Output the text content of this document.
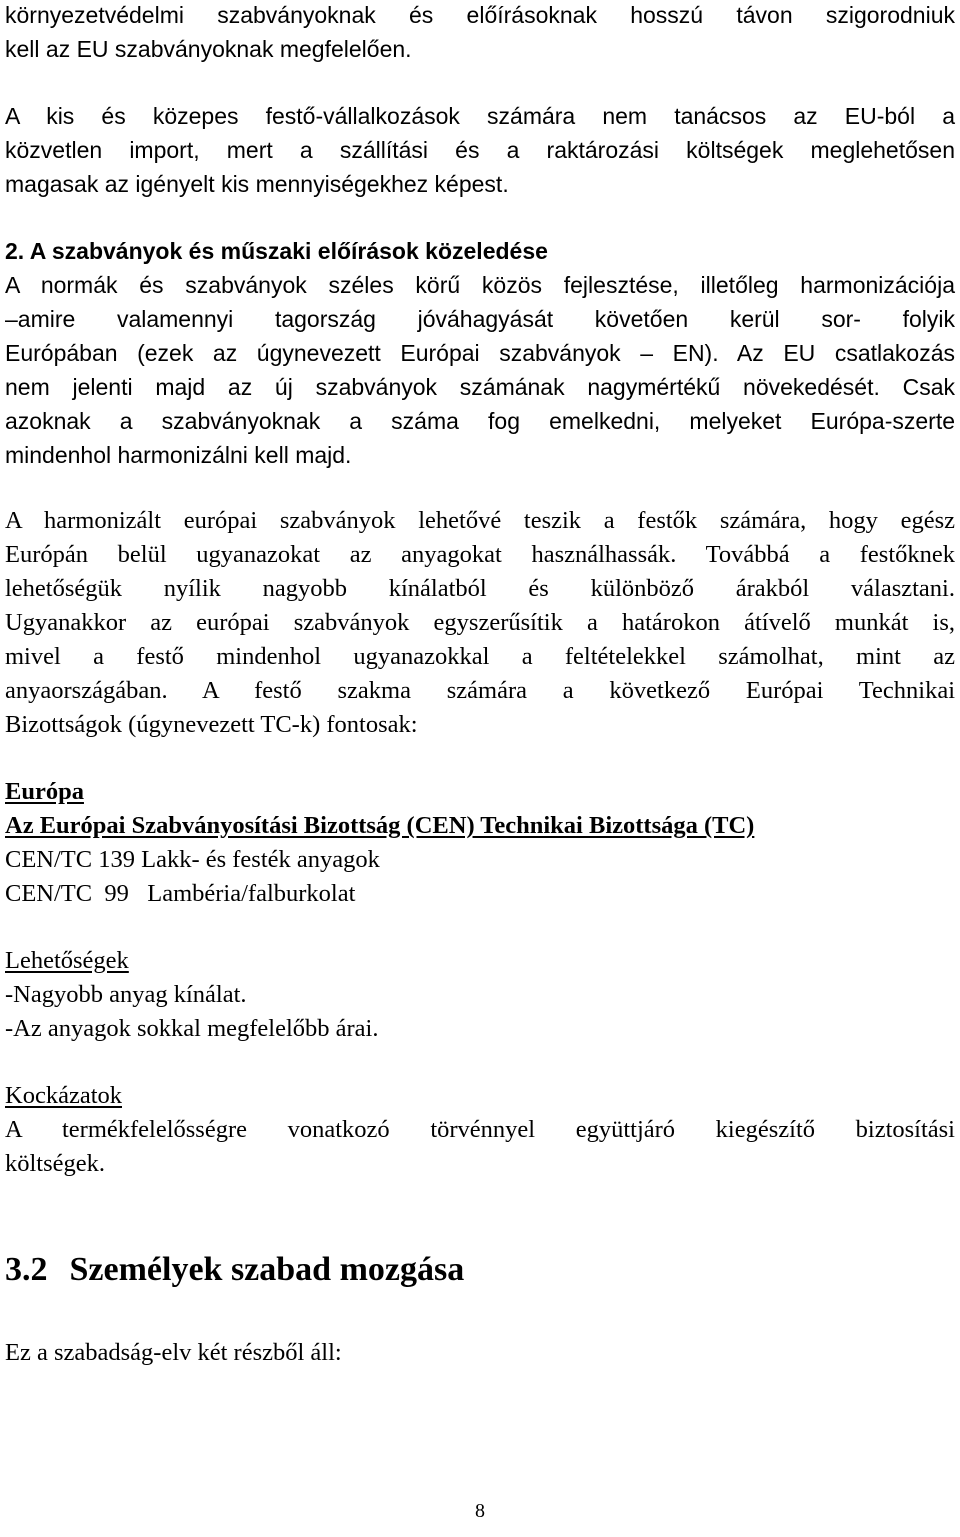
környezetvédelmi szabványoknak és előírásoknak hosszú távon szigorodniuk
kell az EU szabványoknak megfelelően.
A kis és közepes festő-vállalkozások számára nem tanácsos az EU-ból a
közvetlen import, mert a szállítási és a raktározási költségek meglehetősen
magasak az igényelt kis mennyiségekhez képest.
2. A szabványok és műszaki előírások közeledése
A normák és szabványok széles körű közös fejlesztése, illetőleg harmonizációja
–amire valamennyi tagország jóváhagyását követően kerül sor- folyik
Európában (ezek az úgynevezett Európai szabványok – EN). Az EU csatlakozás
nem jelenti majd az új szabványok számának nagymértékű növekedését. Csak
azoknak a szabványoknak a száma fog emelkedni, melyeket Európa-szerte
mindenhol harmonizálni kell majd.
A harmonizált európai szabványok lehetővé teszik a festők számára, hogy egész
Európán belül ugyanazokat az anyagokat használhassák. Továbbá a festőknek
lehetőségük nyílik nagyobb kínálatból és különböző árakból választani.
Ugyanakkor az európai szabványok egyszerűsítik a határokon átívelő munkát is,
mivel a festő mindenhol ugyanazokkal a feltételekkel számolhat, mint az
anyaországában. A festő szakma számára a következő Európai Technikai
Bizottságok (úgynevezett TC-k) fontosak:
Európa
Az Európai Szabványosítási Bizottság (CEN) Technikai Bizottsága (TC)
CEN/TC 139 Lakk- és festék anyagok
CEN/TC  99   Lambéria/falburkolat
Lehetőségek
-Nagyobb anyag kínálat.
-Az anyagok sokkal megfelelőbb árai.
Kockázatok
A termékfelelősségre vonatkozó törvénnyel együttjáró kiegészítő biztosítási
költségek.
3.2 Személyek szabad mozgása
Ez a szabadság-elv két részből áll:
8
